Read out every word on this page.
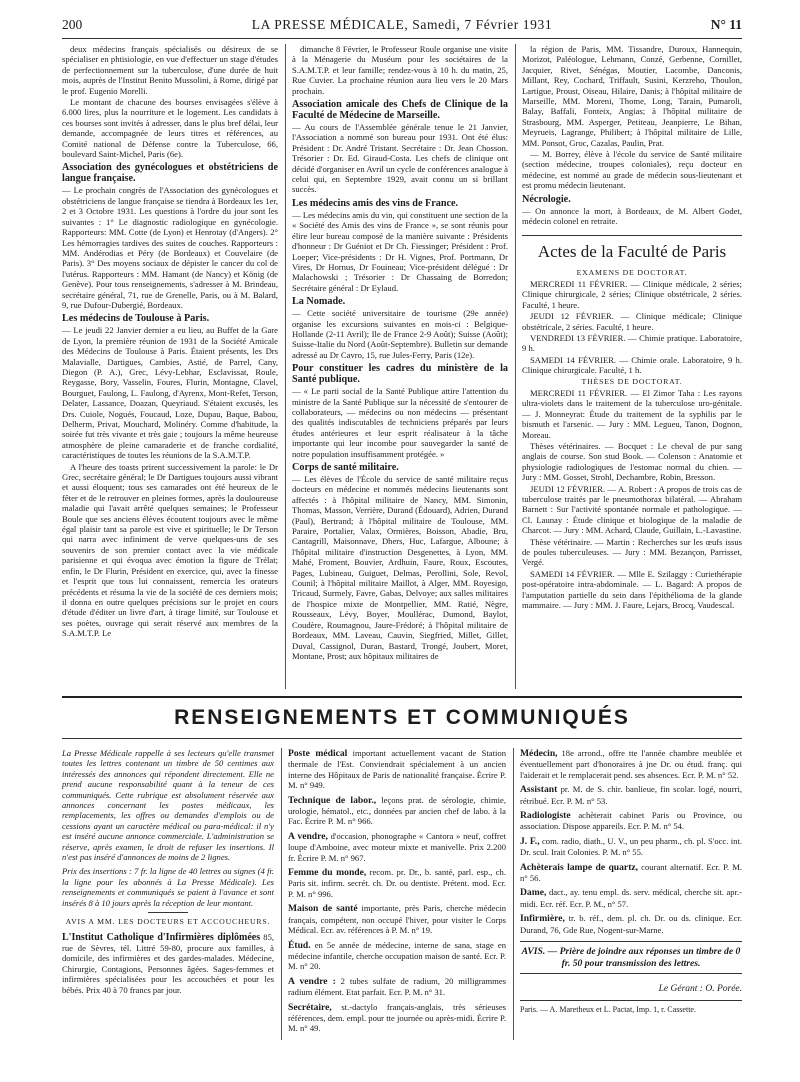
200	LA PRESSE MÉDICALE, Samedi, 7 Février 1931	N° 11

deux médecins français spécialisés ou désireux de se spécialiser en phtisiologie, en vue d'effectuer un stage d'études de perfectionnement sur la tuberculose, d'une durée de huit mois, auprès de l'Institut Benito Mussolini, à Rome, dirigé par le prof. Eugenio Morelli.

Le montant de chacune des bourses envisagées s'élève à 6.000 lires, plus la nourriture et le logement. Les candidats à ces bourses sont invités à adresser, dans le plus bref délai, leur demande, accompagnée de leurs titres et références, au Comité national de Défense contre la Tuberculose, 66, boulevard Saint-Michel, Paris (6e).

Association des gynécologues et obstétriciens de langue française.

— Le prochain congrès de l'Association des gynécologues et obstétriciens de langue française se tiendra à Bordeaux les 1er, 2 et 3 Octobre 1931. Les questions à l'ordre du jour sont les suivantes : 1° Le diagnostic radiologique en gynécologie. Rapporteurs: MM. Cotte (de Lyon) et Henrotay (d'Angers). 2° Les hémorragies tardives des suites de couches. Rapporteurs : MM. Andérodias et Péry (de Bordeaux) et Couvelaire (de Paris). 3° Des moyens sociaux de dépister le cancer du col de l'utérus. Rapporteurs : MM. Hamant (de Nancy) et König (de Genève). Pour tous renseignements, s'adresser à M. Brindeau, secrétaire général, 71, rue de Grenelle, Paris, ou à M. Balard, 9, rue Dufour-Dubergié, Bordeaux.

Les médecins de Toulouse à Paris.

— Le jeudi 22 Janvier dernier a eu lieu, au Buffet de la Gare de Lyon, la première réunion de 1931 de la Société Amicale des Médecins de Toulouse à Paris. Étaient présents, les Drs Malavialle, Dartigues, Cambies, Astié, de Parrel, Cany, Diegon (P. A.), Grec, Lévy-Lebhar, Esclavissat, Roule, Reygasse, Bory, Vasselin, Foures, Flurin, Montagne, Clavel, Bourguet, Faulong, L. Faulong, d'Ayrenx, Mont-Refet, Terson, Delater, Lassance, Doazan, Queyriaud. S'étaient excusés, les Drs. Cuiole, Nogués, Foucaud, Loze, Dupau, Baque, Babou, Delherm, Privat, Mouchard, Molinéry. Comme d'habitude, la soirée fut très vivante et très gaie ; toujours la même heureuse atmosphère de pleine camaraderie et de franche cordialité, caractéristiques de toutes les réunions de la S.A.M.T.P.

A l'heure des toasts prirent successivement la parole: le Dr Grec, secrétaire général; le Dr Dartigues toujours aussi vibrant et aussi éloquent; tous ses camarades ont été heureux de le fêter et de le retrouver en pleines formes, après la douloureuse maladie qui l'avait arrêté quelques semaines; le Professeur Boule que ses anciens élèves écoutent toujours avec le même égal plaisir tant sa parole est vive et spirituelle; le Dr Terson qui narra avec infiniment de verve quelques-uns de ses souvenirs de son premier contact avec la vie médicale parisienne et qui évoqua avec émotion la figure de Trélat; enfin, le Dr Flurin, Président en exercice, qui, avec la finesse et l'esprit que tous lui connaissent, remercia les orateurs précédents et résuma la vie de la société de ces derniers mois; il donna en outre quelques précisions sur le projet en cours d'étude d'éditer un livre d'art, à tirage limité, sur Toulouse et ses poètes, ouvrage qui serait réservé aux membres de la S.A.M.T.P. Le

dimanche 8 Février, le Professeur Roule organise une visite à la Ménagerie du Muséum pour les sociétaires de la S.A.M.T.P. et leur famille; rendez-vous à 10 h. du matin, 25, Rue Cuvier. La prochaine réunion aura lieu vers le 20 Mars prochain.

Association amicale des Chefs de Clinique de la Faculté de Médecine de Marseille.

— Au cours de l'Assemblée générale tenue le 21 Janvier, l'Association a nommé son bureau pour 1931. Ont été élus: Président : Dr. André Tristant. Secrétaire : Dr. Jean Chosson. Trésorier : Dr. Ed. Giraud-Costa. Les chefs de clinique ont décidé d'organiser en Avril un cycle de conférences analogue à celui qui, en Septembre 1929, avait connu un si brillant succès.

Les médecins amis des vins de France.

— Les médecins amis du vin, qui constituent une section de la « Société des Amis des vins de France », se sont réunis pour élire leur bureau composé de la manière suivante : Présidents d'honneur : Dr Guéniot et Dr Ch. Fiessinger; Président : Prof. Loeper; Vice-présidents : Dr H. Vignes, Prof. Portmann, Dr Vires, Dr Hornus, Dr Fouineau; Vice-président délégué : Dr Malachowski ; Trésorier : Dr Chassaing de Borredon; Secrétaire général : Dr Eylaud.

La Nomade.

— Cette société universitaire de tourisme (29e année) organise les excursions suivantes en mois-ci : Belgique-Hollande (2-11 Avril); Ile de France 2-9 Août); Suisse (Août); Suisse-Italie du Nord (Août-Septembre). Bulletin sur demande adressé au Dr Cavro, 15, rue Jules-Ferry, Paris (12e).

Pour constituer les cadres du ministère de la Santé publique.

— « Le parti social de la Santé Publique attire l'attention du ministre de la Santé Publique sur la nécessité de s'entourer de collaborateurs, — médecins ou non médecins — présentant des qualités indiscutables de techniciens préparés par leurs études antérieures et leur esprit réalisateur à la tâche importante qui leur incombe pour sauvegarder la santé de notre population insuffisamment protégée. »

Corps de santé militaire.

— Les élèves de l'École du service de santé militaire reçus docteurs en médecine et nommés médecins lieutenants sont affectés : à l'hôpital militaire de Nancy, MM. Simonin, Thomas, Masson, Verrière, Durand (Édouard), Adrien, Durand (Paul), Bertrand; à l'hôpital militaire de Toulouse, MM. Paraire, Portalier, Valax, Ormières, Boisson, Abadie, Bru, Cantagrill, Maisonnave, Dhers, Huc, Lafargue, Alboune; à l'hôpital militaire d'instruction Desgenettes, à Lyon, MM. Mahé, Froment, Bouvier, Ardhuin, Faure, Roux, Escoutes, Pages, Lubineau, Guiguet, Delmas, Perollini, Sole, Revol, Counil; à l'hôpital militaire Maillot, à Alger, MM. Royesigo, Tricaud, Surmely, Favre, Gabas, Delvoye; aux salles militaires de l'hospice mixte de Montpellier, MM. Ratié, Nègre, Rousseaux, Lévy, Boyer, Moullérac, Dumond, Baylot, Coudère, Roumagnou, Jaure-Frédoré; à l'hôpital militaire de Bordeaux, MM. Laveau, Cauvin, Siegfried, Millet, Gillet, Duval, Cassignol, Duran, Bastard, Trongé, Joubert, Moret, Montane, Prost; aux hôpitaux militaires de

la région de Paris, MM. Tissandre, Duroux, Hannequin, Morizot, Paléologue, Lehmann, Conzé, Gerbenne, Cornillet, Jacquier, Rivet, Sénégas, Moutier, Lacombe, Danconis, Millant, Rey, Cochard, Triffault, Susini, Kerzreho, Thoulon, Lartigue, Proust, Oiseau, Hilaire, Danis; à l'hôpital militaire de Marseille, MM. Moreni, Thome, Long, Tarain, Pumaroli, Balay, Baffali, Fonteix, Angias; à l'hôpital militaire de Strasbourg, MM. Asperger, Petiteau, Jeanpierre, Le Bihan, Meyrueis, Lagrange, Philibert; à l'hôpital militaire de Lille, MM. Ponsot, Groc, Cazalas, Paulin, Prat.

— M. Borrey, élève à l'école du service de Santé militaire (section médecine, troupes coloniales), reçu docteur en médecine, est nommé au grade de médecin sous-lieutenant et est promu médecin lieutenant.

Nécrologie.

— On annonce la mort, à Bordeaux, de M. Albert Godet, médecin colonel en retraite.

Actes de la Faculté de Paris

EXAMENS DE DOCTORAT.

MERCREDI 11 FÉVRIER. — Clinique médicale, 2 séries; Clinique chirurgicale, 2 séries; Clinique obstétricale, 2 séries. Faculté, 1 heure.

JEUDI 12 FÉVRIER. — Clinique médicale; Clinique obstétricale, 2 séries. Faculté, 1 heure.

VENDREDI 13 FÉVRIER. — Chimie pratique. Laboratoire, 9 h.

SAMEDI 14 FÉVRIER. — Chimie orale. Laboratoire, 9 h. Clinique chirurgicale. Faculté, 1 h.

THÈSES DE DOCTORAT.

MERCREDI 11 FÉVRIER. — El Zimor Taha : Les rayons ultra-violets dans le traitement de la tuberculose uro-génitale. — J. Monneyrat: Étude du traitement de la syphilis par le bismuth et l'arsenic. — Jury : MM. Legueu, Tanon, Dognon, Moreau.

Thèses vétérinaires. — Bocquet : Le cheval de pur sang anglais de course. Son stud Book. — Colenson : Anatomie et physiologie radiologiques de l'estomac normal du chien. — Jury : MM. Gosset, Strohl, Dechambre, Robin, Bresson.

JEUDI 12 FÉVRIER. — A. Robert : A propos de trois cas de tuberculose traités par le pneumothorax bilatéral. — Abraham Barnett : Sur l'activité spontanée normale et pathologique. — Cl. Launay : Étude clinique et biologique de la maladie de Charcot. — Jury : MM. Achard, Claude, Guillain, L.-Lavastine.

Thèse vétérinaire. — Martin : Recherches sur les œufs issus de poules tuberculeuses. — Jury : MM. Bezançon, Parrisset, Vergé.

SAMEDI 14 FÉVRIER. — Mlle E. Szilaggy : Curiethérapie post-opératoire intra-abdominale. — L. Bagard: A propos de l'amputation partielle du sein dans l'épithélioma de la glande mammaire. — Jury : MM. J. Faure, Lejars, Brocq, Vaudescal.

RENSEIGNEMENTS ET COMMUNIQUÉS

La Presse Médicale rappelle à ses lecteurs qu'elle transmet toutes les lettres contenant un timbre de 50 centimes aux intéressés des annonces qui répondent directement. Elle ne prend aucune responsabilité quant à la teneur de ces communiqués. Cette rubrique est absolument réservée aux annonces concernant les postes médicaux, les remplacements, les offres ou demandes d'emplois ou de cessions ayant un caractère médical ou para-médical: il n'y est inséré aucune annonce commerciale. L'administration se réserve, après examen, le droit de refuser les insertions. Il n'est pas inséré d'annonces de moins de 2 lignes.

Prix des insertions : 7 fr. la ligne de 40 lettres ou signes (4 fr. la ligne pour les abonnés à La Presse Médicale). Les renseignements et communiqués se paient à l'avance et sont insérés 8 à 10 jours après la réception de leur montant.

AVIS A MM. LES DOCTEURS ET ACCOUCHEURS.

L'Institut Catholique d'Infirmières diplômées 85, rue de Sèvres, tél. Littré 59-80, procure aux familles, à domicile, des infirmières et des gardes-malades. Médecine, Chirurgie, Contagions, Personnes âgées. Sages-femmes et infirmières spécialisées pour les accouchées et pour les bébés. Prix 40 à 70 francs par jour.

Poste médical important actuellement vacant de Station thermale de l'Est. Conviendrait spécialement à un ancien interne des Hôpitaux de Paris de nationalité française. Écrire P. M. n° 949.

Technique de labor., leçons prat. de sérologie, chimie, urologie, hématol., etc., données par ancien chef de labo. à la Fac. Écrire P. M. n° 966.

A vendre, d'occasion, phonographe « Cantora » neuf, coffret loupe d'Amboine, avec moteur mixte et manivelle. Prix 2.200 fr. Écrire P. M. n° 967.

Femme du monde, recom. pr. Dr., b. santé, parl. esp., ch. Paris sit. infirm. secrét. ch. Dr. ou dentiste. Prétent. mod. Ecr. P. M. n° 996.

Maison de santé importante, près Paris, cherche médecin français, compétent, non occupé l'hiver, pour visiter le Corps Médical. Ecr. av. références à P. M. n° 19.

Étud. en 5e année de médecine, interne de sana, stage en médecine infantile, cherche occupation maison de santé. Ecr. P. M. n° 20.

A vendre : 2 tubes sulfate de radium, 20 milligrammes radium élément. Etat parfait. Ecr. P. M. n° 31.

Secrétaire, st.-dactylo français-anglais, très sérieuses références, dem. empl. pour tte journée ou après-midi. Écrire P. M. n° 49.

Médecin, 18e arrond., offre tte l'année chambre meublée et éventuellement part d'honoraires à jne Dr. ou étud. franç. qui l'aiderait et le remplacerait pend. ses absences. Ecr. P. M. n° 52.

Assistant pr. M. de S. chir. banlieue, fin scolar. logé, nourri, rétribué. Ecr. P. M. n° 53.

Radiologiste achèterait cabinet Paris ou Province, ou association. Dispose appareils. Ecr. P. M. n° 54.

J. F., com. radio, diath., U. V., un peu pharm., ch. pl. S'occ. int. Dr. scul. Irait Colonies. P. M. n° 55.

Achèterais lampe de quartz, courant alternatif. Ecr. P. M. n° 56.

Dame, dact., ay. tenu empl. ds. serv. médical, cherche sit. apr.-midi. Ecr. réf. Ecr. P. M., n° 57.

Infirmière, tr. b. réf., dem. pl. ch. Dr. ou ds. clinique. Ecr. Durand, 76, Gde Rue, Nogent-sur-Marne.

AVIS. — Prière de joindre aux réponses un timbre de 0 fr. 50 pour transmission des lettres.
Le Gérant : O. Porée.
Paris. — A. Maretheux et L. Pactat, Imp. 1, r. Cassette.
